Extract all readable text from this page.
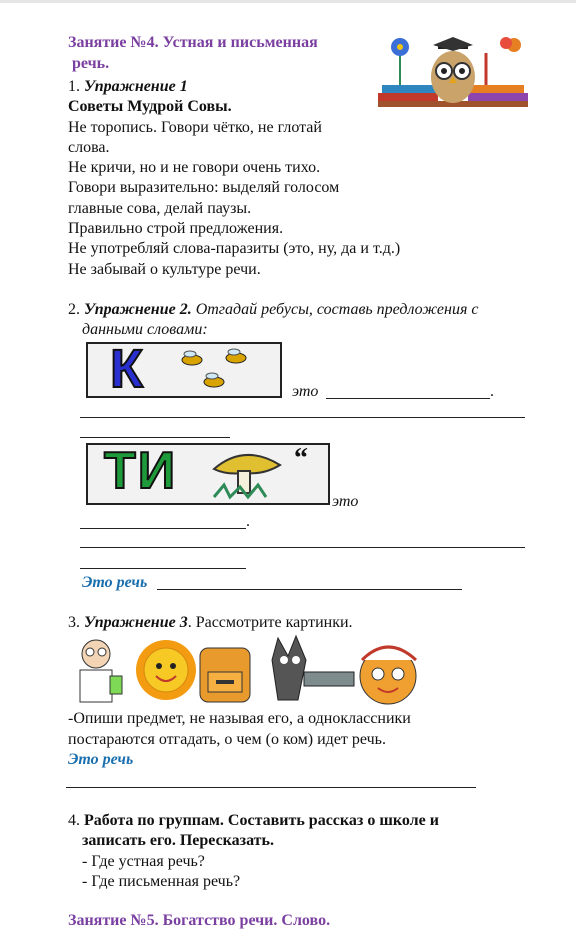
Занятие №4. Устная и письменная
речь.
1. Упражнение 1
Советы Мудрой Совы.
Не торопись. Говори чётко, не глотай
слова.
Не кричи, но и не говори очень тихо.
Говори выразительно: выделяй голосом
главные сова, делай паузы.
Правильно строй предложения.
Не употребляй слова-паразиты (это, ну, да и т.д.)
Не забывай о культуре речи.
2. Упражнение 2. Отгадай ребусы, составь предложения с
данными словами:
К	это	.
ТИ	“
это
.
Это речь
3. Упражнение 3. Рассмотрите картинки.
-Опиши предмет, не называя его, а одноклассники
постараются отгадать, о чем (о ком) идет речь.
Это речь
4. Работа по группам. Составить рассказ о школе и
записать его. Пересказать.
- Где устная речь?
- Где письменная речь?
Занятие №5. Богатство речи. Слово.
